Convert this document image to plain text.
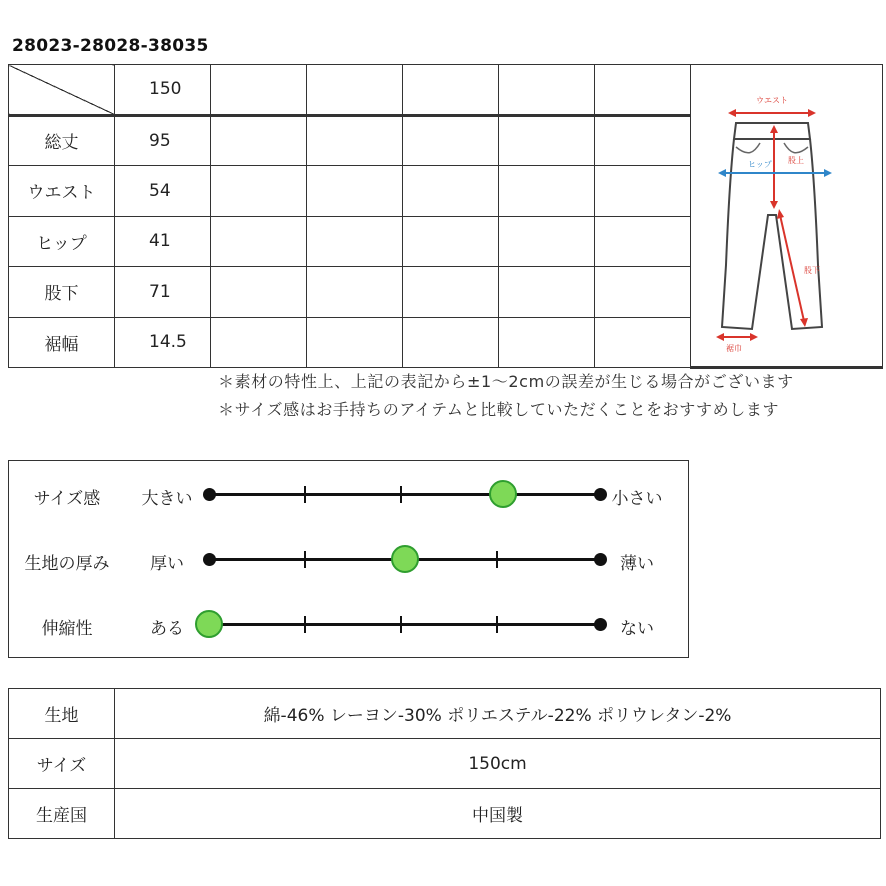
28023-28028-38035
	150						ウエスト
股上
ヒップ
股下
裾巾

総丈	95						
ウエスト	54						
ヒップ	41						
股下	71						
裾幅	14.5						
＊素材の特性上、上記の表記から±1～2cmの誤差が生じる場合がございます
＊サイズ感はお手持ちのアイテムと比較していただくことをおすすめします
サイズ感	大きい	小さい
生地の厚み	厚い	薄い
伸縮性	ある	ない
生地	綿-46% レーヨン-30% ポリエステル-22% ポリウレタン-2%
サイズ	150cm
生産国	中国製
